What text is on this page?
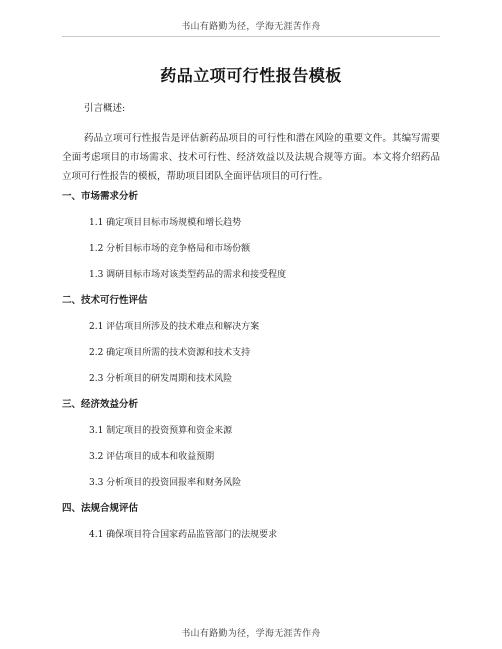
书山有路勤为径，学海无涯苦作舟
药品立项可行性报告模板

引言概述:

药品立项可行性报告是评估新药品项目的可行性和潜在风险的重要文件。其编写需要全面考虑项目的市场需求、技术可行性、经济效益以及法规合规等方面。本文将介绍药品立项可行性报告的模板，帮助项目团队全面评估项目的可行性。

一、市场需求分析
1.1 确定项目目标市场规模和增长趋势
1.2 分析目标市场的竞争格局和市场份额
1.3 调研目标市场对该类型药品的需求和接受程度
二、技术可行性评估
2.1 评估项目所涉及的技术难点和解决方案
2.2 确定项目所需的技术资源和技术支持
2.3 分析项目的研发周期和技术风险
三、经济效益分析
3.1 制定项目的投资预算和资金来源
3.2 评估项目的成本和收益预期
3.3 分析项目的投资回报率和财务风险
四、法规合规评估
4.1 确保项目符合国家药品监管部门的法规要求
书山有路勤为径，学海无涯苦作舟
